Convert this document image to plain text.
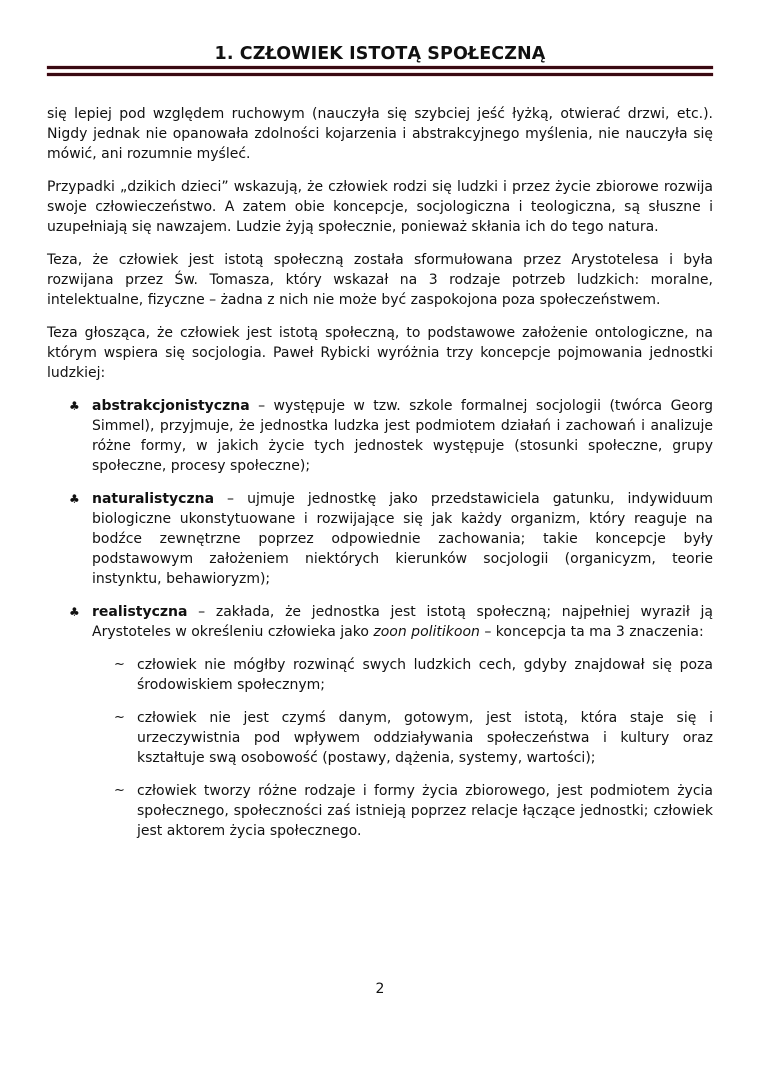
1. CZŁOWIEK ISTOTĄ SPOŁECZNĄ

się lepiej pod względem ruchowym (nauczyła się szybciej jeść łyżką, otwierać drzwi, etc.). Nigdy jednak nie opanowała zdolności kojarzenia i abstrakcyjnego myślenia, nie nauczyła się mówić, ani rozumnie myśleć.

Przypadki „dzikich dzieci” wskazują, że człowiek rodzi się ludzki i przez życie zbiorowe rozwija swoje człowieczeństwo. A zatem obie koncepcje, socjologiczna i teologiczna, są słuszne i uzupełniają się nawzajem. Ludzie żyją społecznie, ponieważ skłania ich do tego natura.

Teza, że człowiek jest istotą społeczną została sformułowana przez Arystotelesa i była rozwijana przez Św. Tomasza, który wskazał na 3 rodzaje potrzeb ludzkich: moralne, intelektualne, fizyczne – żadna z nich nie może być zaspokojona poza społeczeństwem.

Teza głosząca, że człowiek jest istotą społeczną, to podstawowe założenie ontologiczne, na którym wspiera się socjologia. Paweł Rybicki wyróżnia trzy koncepcje pojmowania jednostki ludzkiej:

♣ abstrakcjonistyczna – występuje w tzw. szkole formalnej socjologii (twórca Georg Simmel), przyjmuje, że jednostka ludzka jest podmiotem działań i zachowań i analizuje różne formy, w jakich życie tych jednostek występuje (stosunki społeczne, grupy społeczne, procesy społeczne);
♣ naturalistyczna – ujmuje jednostkę jako przedstawiciela gatunku, indywiduum biologiczne ukonstytuowane i rozwijające się jak każdy organizm, który reaguje na bodźce zewnętrzne poprzez odpowiednie zachowania; takie koncepcje były podstawowym założeniem niektórych kierunków socjologii (organicyzm, teorie instynktu, behawioryzm);
♣ realistyczna – zakłada, że jednostka jest istotą społeczną; najpełniej wyraził ją Arystoteles w określeniu człowieka jako zoon politikoon – koncepcja ta ma 3 znaczenia:
~ człowiek nie mógłby rozwinąć swych ludzkich cech, gdyby znajdował się poza środowiskiem społecznym;
~ człowiek nie jest czymś danym, gotowym, jest istotą, która staje się i urzeczywistnia pod wpływem oddziaływania społeczeństwa i kultury oraz kształtuje swą osobowość (postawy, dążenia, systemy, wartości);
~ człowiek tworzy różne rodzaje i formy życia zbiorowego, jest podmiotem życia społecznego, społeczności zaś istnieją poprzez relacje łączące jednostki; człowiek jest aktorem życia społecznego.
2
